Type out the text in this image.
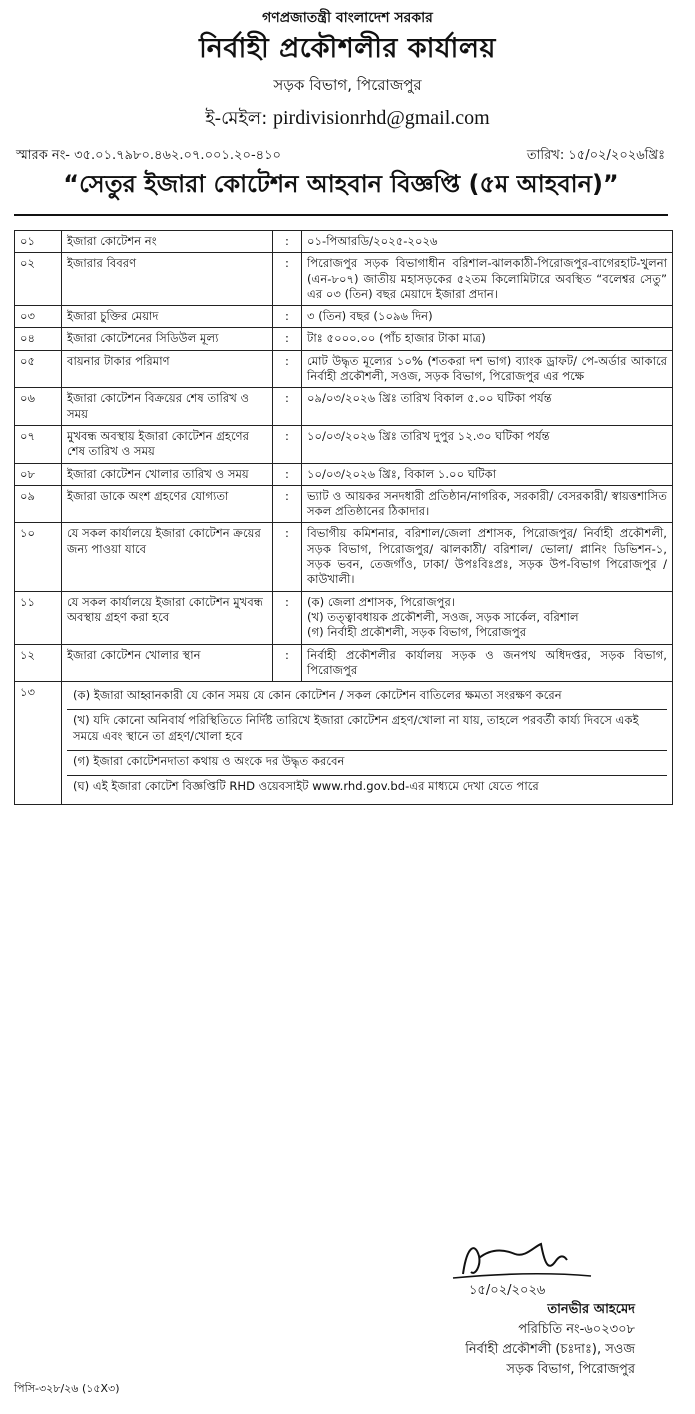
গণপ্রজাতন্ত্রী বাংলাদেশ সরকার
নির্বাহী প্রকৌশলীর কার্যালয়
সড়ক বিভাগ, পিরোজপুর
ই-মেইল: pirdivisionrhd@gmail.com
স্মারক নং- ৩৫.০১.৭৯৮০.৪৬২.০৭.০০১.২০-৪১০	তারিখ: ১৫/০২/২০২৬খ্রিঃ
“সেতুর ইজারা কোটেশন আহবান বিজ্ঞপ্তি (৫ম আহবান)”
০১	ইজারা কোটেশন নং	:	০১-পিআরডি/২০২৫-২০২৬
০২	ইজারার বিবরণ	:	পিরোজপুর সড়ক বিভাগাধীন বরিশাল-ঝালকাঠী-পিরোজপুর-বাগেরহাট-খুলনা (এন-৮০৭) জাতীয় মহাসড়কের ৫২তম কিলোমিটারে অবস্থিত “বলেশ্বর সেতু” এর ০৩ (তিন) বছর মেয়াদে ইজারা প্রদান।
০৩	ইজারা চুক্তির মেয়াদ	:	৩ (তিন) বছর (১০৯৬ দিন)
০৪	ইজারা কোটেশনের সিডিউল মূল্য	:	টাঃ ৫০০০.০০ (পাঁচ হাজার টাকা মাত্র)
০৫	বায়নার টাকার পরিমাণ	:	মোট উদ্ধৃত মূল্যের ১০% (শতকরা দশ ভাগ) ব্যাংক ড্রাফট/ পে-অর্ডার আকারে নির্বাহী প্রকৌশলী, সওজ, সড়ক বিভাগ, পিরোজপুর এর পক্ষে
০৬	ইজারা কোটেশন বিক্রয়ের শেষ তারিখ ও সময়	:	০৯/০৩/২০২৬ খ্রিঃ তারিখ বিকাল ৫.০০ ঘটিকা পর্যন্ত
০৭	মুখবন্ধ অবস্থায় ইজারা কোটেশন গ্রহণের শেষ তারিখ ও সময়	:	১০/০৩/২০২৬ খ্রিঃ তারিখ দুপুর ১২.৩০ ঘটিকা পর্যন্ত
০৮	ইজারা কোটেশন খোলার তারিখ ও সময়	:	১০/০৩/২০২৬ খ্রিঃ, বিকাল ১.০০ ঘটিকা
০৯	ইজারা ডাকে অংশ গ্রহণের যোগ্যতা	:	ভ্যাট ও আয়কর সনদধারী প্রতিষ্ঠান/নাগরিক, সরকারী/ বেসরকারী/ স্বায়ত্তশাসিত সকল প্রতিষ্ঠানের ঠিকাদার।
১০	যে সকল কার্যালয়ে ইজারা কোটেশন ক্রয়ের জন্য পাওয়া যাবে	:	বিভাগীয় কমিশনার, বরিশাল/জেলা প্রশাসক, পিরোজপুর/ নির্বাহী প্রকৌশলী, সড়ক বিভাগ, পিরোজপুর/ ঝালকাঠী/ বরিশাল/ ভোলা/ প্লানিং ডিভিশন-১, সড়ক ভবন, তেজগাঁও, ঢাকা/ উপঃবিঃপ্রঃ, সড়ক উপ-বিভাগ পিরোজপুর / কাউখালী।
১১	যে সকল কার্যালয়ে ইজারা কোটেশন মুখবন্ধ অবস্থায় গ্রহণ করা হবে	:	(ক) জেলা প্রশাসক, পিরোজপুর।
(খ) তত্ত্বাবধায়ক প্রকৌশলী, সওজ, সড়ক সার্কেল, বরিশাল
(গ) নির্বাহী প্রকৌশলী, সড়ক বিভাগ, পিরোজপুর

১২	ইজারা কোটেশন খোলার স্থান	:	নির্বাহী প্রকৌশলীর কার্যালয় সড়ক ও জনপথ অধিদপ্তর, সড়ক বিভাগ, পিরোজপুর
১৩	(ক) ইজারা আহ্বানকারী যে কোন সময় যে কোন কোটেশন / সকল কোটেশন বাতিলের ক্ষমতা সংরক্ষণ করেন
(খ) যদি কোনো অনিবার্য পরিস্থিতিতে নির্দিষ্ট তারিখে ইজারা কোটেশন গ্রহণ/খোলা না যায়, তাহলে পরবর্তী কার্য্য দিবসে একই সময়ে এবং স্থানে তা গ্রহণ/খোলা হবে
(গ) ইজারা কোটেশনদাতা কথায় ও অংকে দর উদ্ধৃত করবেন
(ঘ) এই ইজারা কোটেশ বিজ্ঞপ্তিটি RHD ওয়েবসাইট www.rhd.gov.bd-এর মাধ্যমে দেখা যেতে পারে		
১৫/০২/২০২৬
তানভীর আহমেদ
পরিচিতি নং-৬০২৩০৮
নির্বাহী প্রকৌশলী (চঃদাঃ), সওজ
সড়ক বিভাগ, পিরোজপুর
পিসি-৩২৮/২৬ (১৫X৩)
